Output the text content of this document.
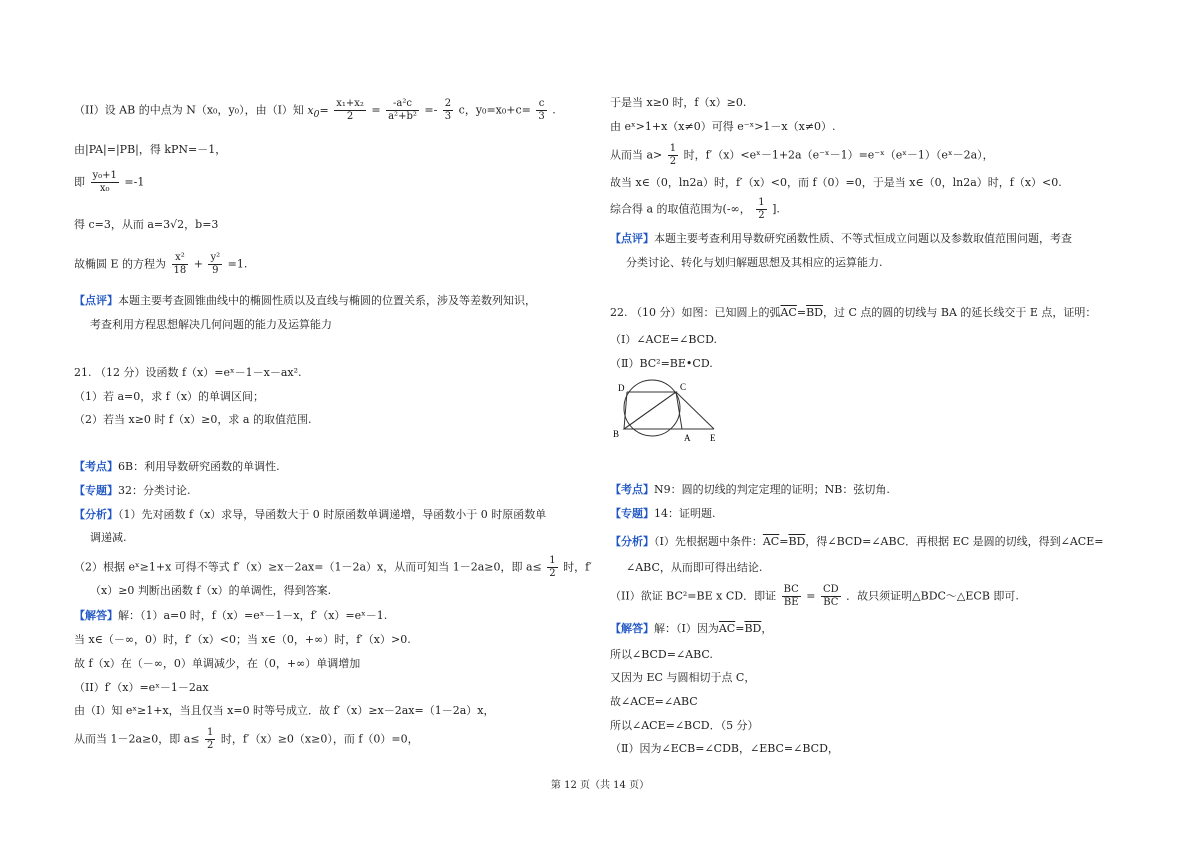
（II）设 AB 的中点为 N（x₀，y₀），由（I）知 $x_0= \frac{\text{x₁+x₂}}{2} = \frac{\text{-a²c}}{\text{a²+b²}} =- \frac{2}{3}$ c，$y_0=x_0+c= \frac{c}{3}$ .
由|PA|=|PB|，得 kPN=－1，
即 $\frac{\text{y₀+1}}{\text{x₀}} =-1$
得 c=3，从而 a=3√2，b=3
故椭圆 E 的方程为 $\frac{\text{x²}}{18} + \frac{\text{y²}}{9} =1$.
【点评】本题主要考查圆锥曲线中的椭圆性质以及直线与椭圆的位置关系，涉及等差数列知识，
考查利用方程思想解决几何问题的能力及运算能力
21. （12 分）设函数 f（x）=eˣ－1－x－ax².
（1）若 a=0，求 f（x）的单调区间；
（2）若当 x≥0 时 f（x）≥0，求 a 的取值范围.
【考点】6B：利用导数研究函数的单调性.
【专题】32：分类讨论.
【分析】（1）先对函数 f（x）求导，导函数大于 0 时原函数单调递增，导函数小于 0 时原函数单
调递减.
（2）根据 eˣ≥1+x 可得不等式 f′（x）≥x－2ax=（1－2a）x，从而可知当 1－2a≥0，即 $a\le \frac{1}{2}$ 时，f′
（x）≥0 判断出函数 f（x）的单调性，得到答案.
【解答】解：（1）a=0 时，f（x）=eˣ－1－x，f′（x）=eˣ－1.
当 x∈（－∞，0）时，f′（x）<0；当 x∈（0，+∞）时，f′（x）>0.
故 f（x）在（－∞，0）单调减少，在（0，+∞）单调增加
（II）f′（x）=eˣ－1－2ax
由（I）知 eˣ≥1+x，当且仅当 x=0 时等号成立．故 f′（x）≥x－2ax=（1－2a）x，
从而当 1－2a≥0，即 $a\le \frac{1}{2}$ 时，f′（x）≥0（x≥0），而 f（0）=0，
于是当 x≥0 时，f（x）≥0.
由 eˣ>1+x（x≠0）可得 e⁻ˣ>1－x（x≠0）.
从而当 $a> \frac{1}{2}$ 时，f′（x）<eˣ－1+2a（e⁻ˣ－1）=e⁻ˣ（eˣ－1）（eˣ－2a），
故当 x∈（0，ln2a）时，f′（x）<0，而 f（0）=0，于是当 x∈（0，ln2a）时，f（x）<0.
综合得 a 的取值范围为(-∞， $\frac{1}{2}$ ].
【点评】本题主要考查利用导数研究函数性质、不等式恒成立问题以及参数取值范围问题，考查
分类讨论、转化与划归解题思想及其相应的运算能力.
22. （10 分）如图：已知圆上的弧$\overline{AC}=\overline{BD}$，过 C 点的圆的切线与 BA 的延长线交于 E 点，证明：
（Ⅰ）∠ACE=∠BCD.
（Ⅱ）BC²=BE•CD.
D	C
B	A E
【考点】N9：圆的切线的判定定理的证明；NB：弦切角.
【专题】14：证明题.
【分析】（I）先根据题中条件：$\overline{AC}=\overline{BD}$，得∠BCD=∠ABC．再根据 EC 是圆的切线，得到∠ACE=
∠ABC，从而即可得出结论.
（II）欲证 BC²=BE x CD．即证 $\frac{BC}{BE} = \frac{CD}{BC}$ ．故只须证明△BDC～△ECB 即可.
【解答】解：（Ⅰ）因为$\overline{AC}=\overline{BD}$，
所以∠BCD=∠ABC.
又因为 EC 与圆相切于点 C，
故∠ACE=∠ABC
所以∠ACE=∠BCD．（5 分）
（Ⅱ）因为∠ECB=∠CDB，∠EBC=∠BCD，
第 12 页（共 14 页）
